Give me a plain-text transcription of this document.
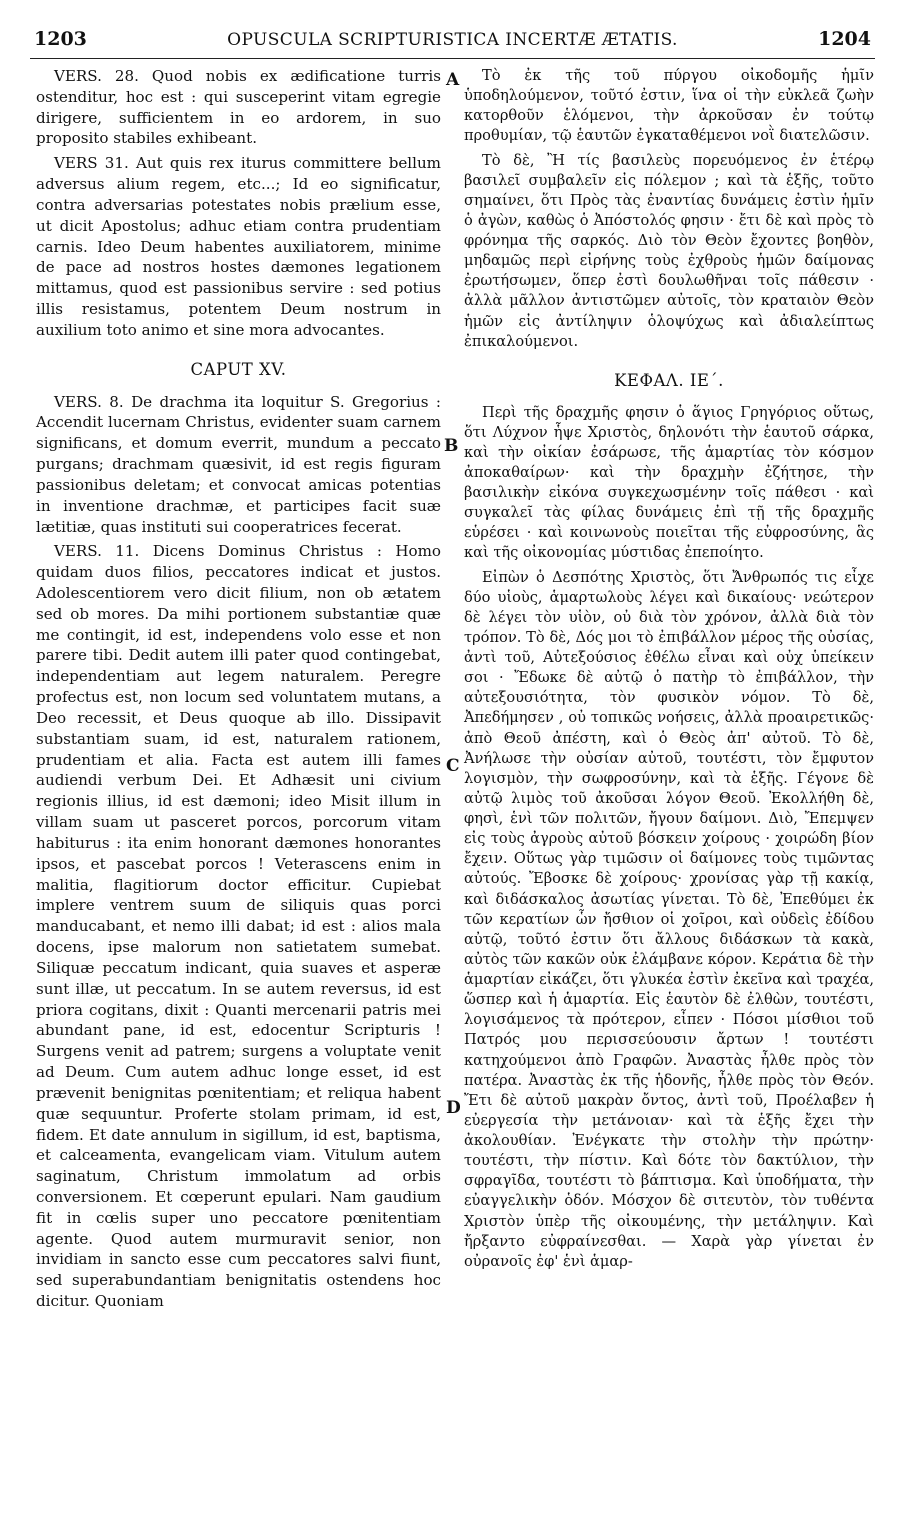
1203	OPUSCULA SCRIPTURISTICA INCERTÆ ÆTATIS.	1204
A
B
C
D

VERS. 28. Quod nobis ex ædificatione turris ostenditur, hoc est : qui susceperint vitam egregie dirigere, sufficientem in eo ardorem, in suo proposito stabiles exhibeant.

VERS 31. Aut quis rex iturus committere bellum adversus alium regem, etc...; Id eo significatur, contra adversarias potestates nobis prælium esse, ut dicit Apostolus; adhuc etiam contra prudentiam carnis. Ideo Deum habentes auxiliatorem, minime de pace ad nostros hostes dæmones legationem mittamus, quod est passionibus servire : sed potius illis resistamus, potentem Deum nostrum in auxilium toto animo et sine mora advocantes.

CAPUT XV.

VERS. 8. De drachma ita loquitur S. Gregorius : Accendit lucernam Christus, evidenter suam carnem significans, et domum everrit, mundum a peccato purgans; drachmam quæsivit, id est regis figuram passionibus deletam; et convocat amicas potentias in inventione drachmæ, et participes facit suæ lætitiæ, quas instituti sui cooperatrices fecerat.

VERS. 11. Dicens Dominus Christus : Homo quidam duos filios, peccatores indicat et justos. Adolescentiorem vero dicit filium, non ob ætatem sed ob mores. Da mihi portionem substantiæ quæ me contingit, id est, independens volo esse et non parere tibi. Dedit autem illi pater quod contingebat, independentiam aut legem naturalem. Peregre profectus est, non locum sed voluntatem mutans, a Deo recessit, et Deus quoque ab illo. Dissipavit substantiam suam, id est, naturalem rationem, prudentiam et alia. Facta est autem illi fames audiendi verbum Dei. Et Adhæsit uni civium regionis illius, id est dæmoni; ideo Misit illum in villam suam ut pasceret porcos, porcorum vitam habiturus : ita enim honorant dæmones honorantes ipsos, et pascebat porcos ! Veterascens enim in malitia, flagitiorum doctor efficitur. Cupiebat implere ventrem suum de siliquis quas porci manducabant, et nemo illi dabat; id est : alios mala docens, ipse malorum non satietatem sumebat. Siliquæ peccatum indicant, quia suaves et asperæ sunt illæ, ut peccatum. In se autem reversus, id est priora cogitans, dixit : Quanti mercenarii patris mei abundant pane, id est, edocentur Scripturis ! Surgens venit ad patrem; surgens a voluptate venit ad Deum. Cum autem adhuc longe esset, id est prævenit benignitas pœnitentiam; et reliqua habent quæ sequuntur. Proferte stolam primam, id est, fidem. Et date annulum in sigillum, id est, baptisma, et calceamenta, evangelicam viam. Vitulum autem saginatum, Christum immolatum ad orbis conversionem. Et cœperunt epulari. Nam gaudium fit in cœlis super uno peccatore pœnitentiam agente. Quod autem murmuravit senior, non invidiam in sancto esse cum peccatores salvi fiunt, sed superabundantiam benignitatis ostendens hoc dicitur. Quoniam

Τὸ ἐκ τῆς τοῦ πύργου οἰκοδομῆς ἡμῖν ὑποδηλούμενον, τοῦτό ἐστιν, ἵνα οἱ τὴν εὐκλεᾶ ζωὴν κατορθοῦν ἑλόμενοι, τὴν ἀρκοῦσαν ἐν τούτῳ προθυμίαν, τῷ ἑαυτῶν ἐγκαταθέμενοι νοῒ διατελῶσιν.

Τὸ δὲ, Ἢ τίς βασιλεὺς πορευόμενος ἐν ἑτέρῳ βασιλεῖ συμβαλεῖν εἰς πόλεμον ; καὶ τὰ ἑξῆς, τοῦτο σημαίνει, ὅτι Πρὸς τὰς ἐναντίας δυνάμεις ἐστὶν ἡμῖν ὁ ἀγὼν, καθὼς ὁ Ἀπόστολός φησιν · ἔτι δὲ καὶ πρὸς τὸ φρόνημα τῆς σαρκός. Διὸ τὸν Θεὸν ἔχοντες βοηθὸν, μηδαμῶς περὶ εἰρήνης τοὺς ἐχθροὺς ἡμῶν δαίμονας ἐρωτήσωμεν, ὅπερ ἐστὶ δουλωθῆναι τοῖς πάθεσιν · ἀλλὰ μᾶλλον ἀντιστῶμεν αὐτοῖς, τὸν κραταιὸν Θεὸν ἡμῶν εἰς ἀντίληψιν ὁλοψύχως καὶ ἀδιαλείπτως ἐπικαλούμενοι.

ΚΕΦΑΛ. ΙΕ΄.

Περὶ τῆς δραχμῆς φησιν ὁ ἅγιος Γρηγόριος οὕτως, ὅτι Λύχνον ἧψε Χριστὸς, δηλονότι τὴν ἑαυτοῦ σάρκα, καὶ τὴν οἰκίαν ἐσάρωσε, τῆς ἁμαρτίας τὸν κόσμον ἀποκαθαίρων· καὶ τὴν δραχμὴν ἐζήτησε, τὴν βασιλικὴν εἰκόνα συγκεχωσμένην τοῖς πάθεσι · καὶ συγκαλεῖ τὰς φίλας δυνάμεις ἐπὶ τῇ τῆς δραχμῆς εὑρέσει · καὶ κοινωνοὺς ποιεῖται τῆς εὐφροσύνης, ἃς καὶ τῆς οἰκονομίας μύστιδας ἐπεποίητο.

Εἰπὼν ὁ Δεσπότης Χριστὸς, ὅτι Ἄνθρωπός τις εἶχε δύο υἱοὺς, ἁμαρτωλοὺς λέγει καὶ δικαίους· νεώτερον δὲ λέγει τὸν υἱὸν, οὐ διὰ τὸν χρόνον, ἀλλὰ διὰ τὸν τρόπον. Τὸ δὲ, Δός μοι τὸ ἐπιβάλλον μέρος τῆς οὐσίας, ἀντὶ τοῦ, Αὐτεξούσιος ἐθέλω εἶναι καὶ οὐχ ὑπείκειν σοι · Ἔδωκε δὲ αὐτῷ ὁ πατὴρ τὸ ἐπιβάλλον, τὴν αὐτεξουσιότητα, τὸν φυσικὸν νόμον. Τὸ δὲ, Ἀπεδήμησεν , οὐ τοπικῶς νοήσεις, ἀλλὰ προαιρετικῶς· ἀπὸ Θεοῦ ἀπέστη, καὶ ὁ Θεὸς ἀπ' αὐτοῦ. Τὸ δὲ, Ἀνήλωσε τὴν οὐσίαν αὐτοῦ, τουτέστι, τὸν ἔμφυτον λογισμὸν, τὴν σωφροσύνην, καὶ τὰ ἑξῆς. Γέγονε δὲ αὐτῷ λιμὸς τοῦ ἀκοῦσαι λόγον Θεοῦ. Ἐκολλήθη δὲ, φησὶ, ἑνὶ τῶν πολιτῶν, ἤγουν δαίμονι. Διὸ, Ἔπεμψεν εἰς τοὺς ἀγροὺς αὐτοῦ βόσκειν χοίρους · χοιρώδη βίον ἔχειν. Οὕτως γὰρ τιμῶσιν οἱ δαίμονες τοὺς τιμῶντας αὐτούς. Ἔβοσκε δὲ χοίρους· χρονίσας γὰρ τῇ κακίᾳ, καὶ διδάσκαλος ἀσωτίας γίνεται. Τὸ δὲ, Ἐπεθύμει ἐκ τῶν κερατίων ὧν ἤσθιον οἱ χοῖροι, καὶ οὐδεὶς ἐδίδου αὐτῷ, τοῦτό ἐστιν ὅτι ἄλλους διδάσκων τὰ κακὰ, αὐτὸς τῶν κακῶν οὐκ ἐλάμβανε κόρον. Κεράτια δὲ τὴν ἁμαρτίαν εἰκάζει, ὅτι γλυκέα ἐστὶν ἐκεῖνα καὶ τραχέα, ὥσπερ καὶ ἡ ἁμαρτία. Εἰς ἑαυτὸν δὲ ἐλθὼν, τουτέστι, λογισάμενος τὰ πρότερον, εἶπεν · Πόσοι μίσθιοι τοῦ Πατρός μου περισσεύουσιν ἄρτων ! τουτέστι κατηχούμενοι ἀπὸ Γραφῶν. Ἀναστὰς ἦλθε πρὸς τὸν πατέρα. Ἀναστὰς ἐκ τῆς ἡδονῆς, ἦλθε πρὸς τὸν Θεόν. Ἔτι δὲ αὐτοῦ μακρὰν ὄντος, ἀντὶ τοῦ, Προέλαβεν ἡ εὐεργεσία τὴν μετάνοιαν· καὶ τὰ ἑξῆς ἔχει τὴν ἀκολουθίαν. Ἐνέγκατε τὴν στολὴν τὴν πρώτην· τουτέστι, τὴν πίστιν. Καὶ δότε τὸν δακτύλιον, τὴν σφραγῖδα, τουτέστι τὸ βάπτισμα. Καὶ ὑποδήματα, τὴν εὐαγγελικὴν ὁδόν. Μόσχον δὲ σιτευτὸν, τὸν τυθέντα Χριστὸν ὑπὲρ τῆς οἰκουμένης, τὴν μετάληψιν. Καὶ ἤρξαντο εὐφραίνεσθαι. — Χαρὰ γὰρ γίνεται ἐν οὐρανοῖς ἐφ' ἑνὶ ἁμαρ-
